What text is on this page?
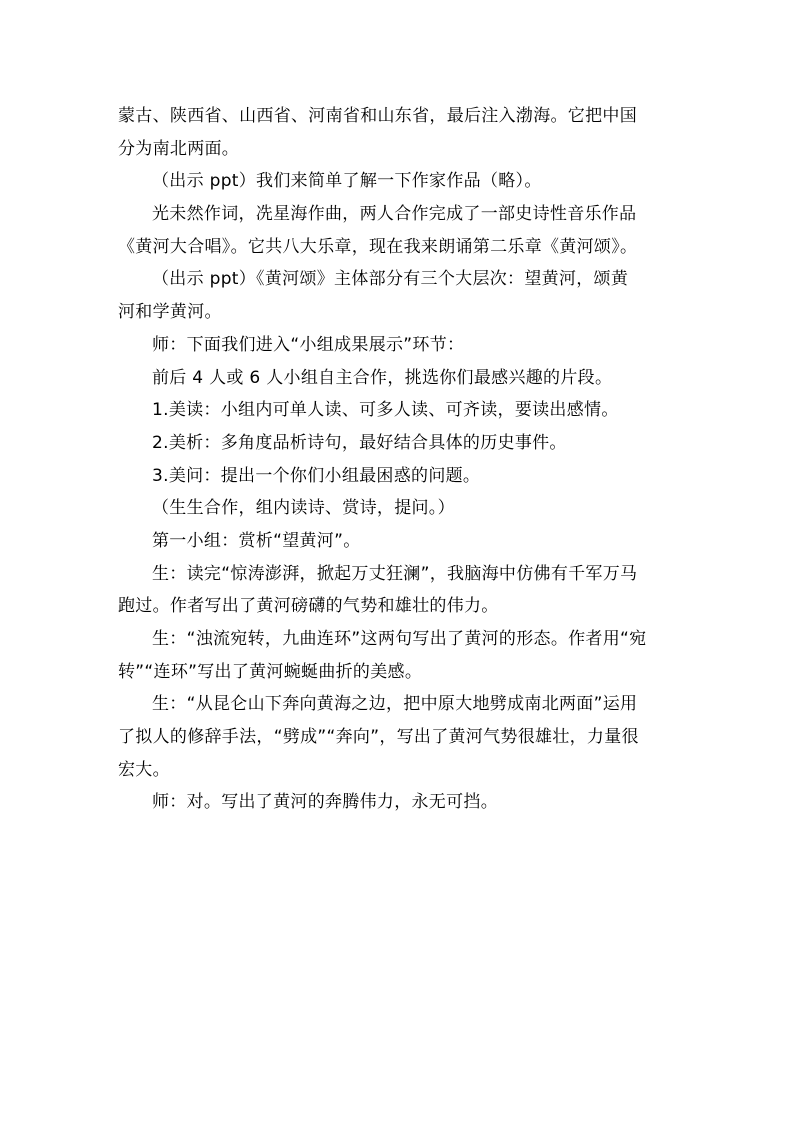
蒙古、陕西省、山西省、河南省和山东省，最后注入渤海。它把中国
分为南北两面。
（出示 ppt）我们来简单了解一下作家作品（略）。
光未然作词，冼星海作曲，两人合作完成了一部史诗性音乐作品
《黄河大合唱》。它共八大乐章，现在我来朗诵第二乐章《黄河颂》。
（出示 ppt）《黄河颂》主体部分有三个大层次：望黄河，颂黄
河和学黄河。
师：下面我们进入“小组成果展示”环节：
前后 4 人或 6 人小组自主合作，挑选你们最感兴趣的片段。
1.美读：小组内可单人读、可多人读、可齐读，要读出感情。
2.美析：多角度品析诗句，最好结合具体的历史事件。
3.美问：提出一个你们小组最困惑的问题。
（生生合作，组内读诗、赏诗，提问。）
第一小组：赏析“望黄河”。
生：读完“惊涛澎湃，掀起万丈狂澜”，我脑海中仿佛有千军万马
跑过。作者写出了黄河磅礴的气势和雄壮的伟力。
生：“浊流宛转，九曲连环”这两句写出了黄河的形态。作者用“宛
转”“连环”写出了黄河蜿蜒曲折的美感。
生：“从昆仑山下奔向黄海之边，把中原大地劈成南北两面”运用
了拟人的修辞手法，“劈成”“奔向”，写出了黄河气势很雄壮，力量很
宏大。
师：对。写出了黄河的奔腾伟力，永无可挡。
